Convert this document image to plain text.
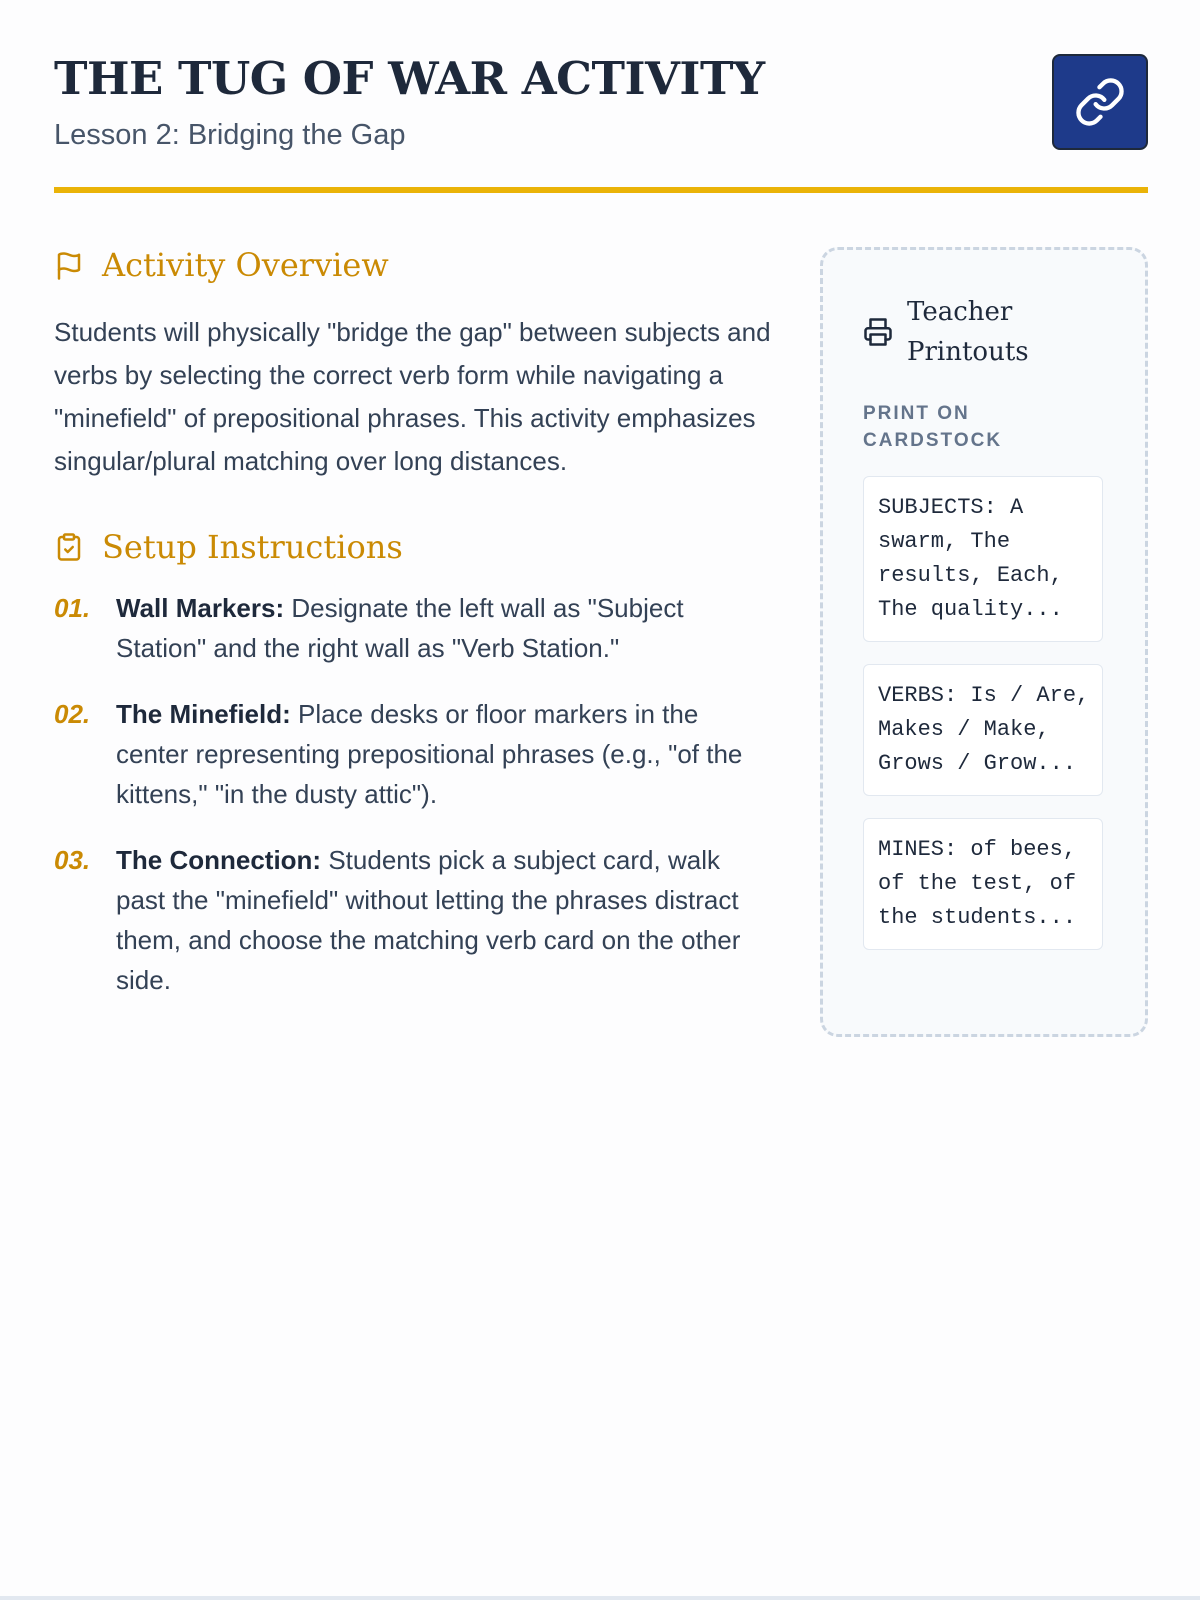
THE TUG OF WAR ACTIVITY
Lesson 2: Bridging the Gap
Activity Overview

Students will physically "bridge the gap" between subjects and verbs by selecting the correct verb form while navigating a "minefield" of prepositional phrases. This activity emphasizes singular/plural matching over long distances.

Setup Instructions
01. Wall Markers: Designate the left wall as "Subject Station" and the right wall as "Verb Station."
02. The Minefield: Place desks or floor markers in the center representing prepositional phrases (e.g., "of the kittens," "in the dusty attic").
03. The Connection: Students pick a subject card, walk past the "minefield" without letting the phrases distract them, and choose the matching verb card on the other side.
Teacher Printouts
PRINT ON CARDSTOCK
SUBJECTS: A swarm, The results, Each, The quality...
VERBS: Is / Are, Makes / Make, Grows / Grow...
MINES: of bees, of the test, of the students...
